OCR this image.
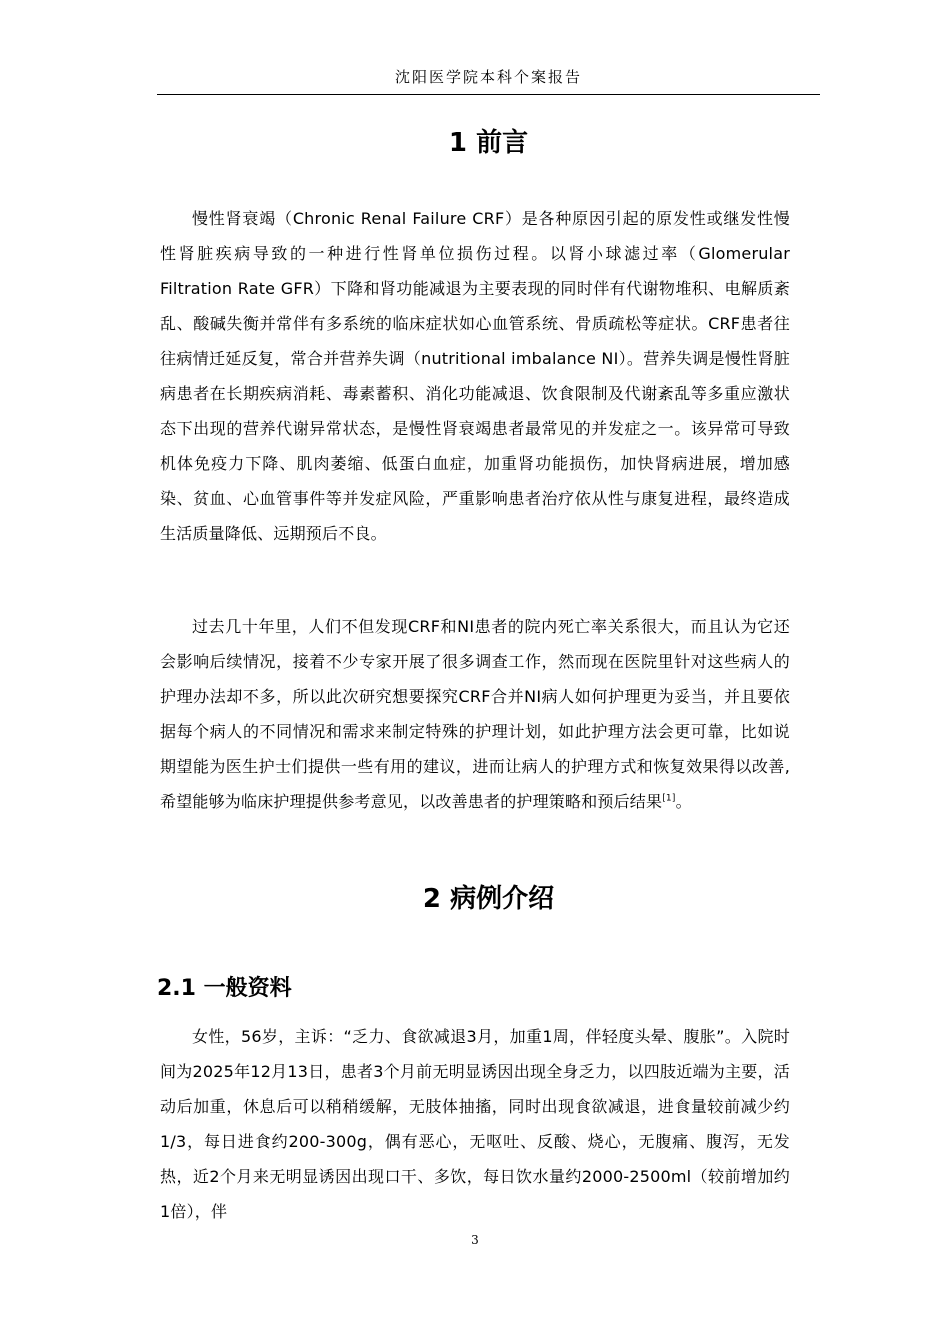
沈阳医学院本科个案报告
1 前言

慢性肾衰竭（Chronic Renal Failure CRF）是各种原因引起的原发性或继发性慢性肾脏疾病导致的一种进行性肾单位损伤过程。以肾小球滤过率（Glomerular Filtration Rate GFR）下降和肾功能减退为主要表现的同时伴有代谢物堆积、电解质紊乱、酸碱失衡并常伴有多系统的临床症状如心血管系统、骨质疏松等症状。CRF患者往往病情迁延反复，常合并营养失调（nutritional imbalance NI）。营养失调是慢性肾脏病患者在长期疾病消耗、毒素蓄积、消化功能减退、饮食限制及代谢紊乱等多重应激状态下出现的营养代谢异常状态，是慢性肾衰竭患者最常见的并发症之一。该异常可导致机体免疫力下降、肌肉萎缩、低蛋白血症，加重肾功能损伤，加快肾病进展，增加感染、贫血、心血管事件等并发症风险，严重影响患者治疗依从性与康复进程，最终造成生活质量降低、远期预后不良。

过去几十年里，人们不但发现CRF和NI患者的院内死亡率关系很大，而且认为它还会影响后续情况，接着不少专家开展了很多调查工作，然而现在医院里针对这些病人的护理办法却不多，所以此次研究想要探究CRF合并NI病人如何护理更为妥当，并且要依据每个病人的不同情况和需求来制定特殊的护理计划，如此护理方法会更可靠，比如说期望能为医生护士们提供一些有用的建议，进而让病人的护理方式和恢复效果得以改善,希望能够为临床护理提供参考意见，以改善患者的护理策略和预后结果[1]。

2 病例介绍
2.1 一般资料

女性，56岁，主诉：“乏力、食欲减退3月，加重1周，伴轻度头晕、腹胀”。入院时间为2025年12月13日，患者3个月前无明显诱因出现全身乏力，以四肢近端为主要，活动后加重，休息后可以稍稍缓解，无肢体抽搐，同时出现食欲减退，进食量较前减少约1/3，每日进食约200-300g，偶有恶心，无呕吐、反酸、烧心，无腹痛、腹泻，无发热，近2个月来无明显诱因出现口干、多饮，每日饮水量约2000-2500ml（较前增加约1倍），伴

3
